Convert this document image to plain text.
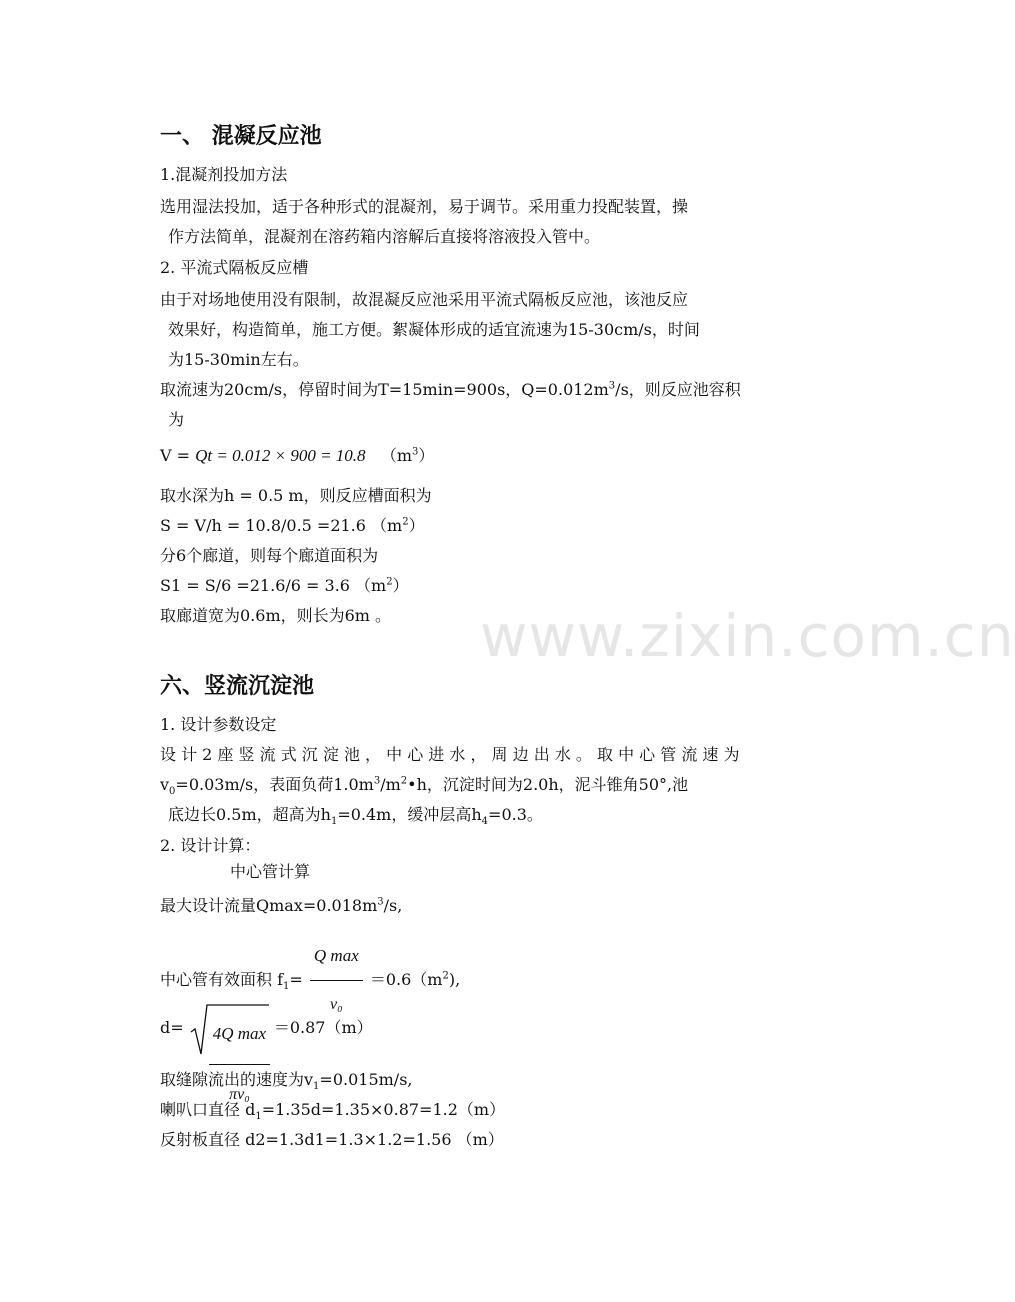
www.zixin.com.cn
一、 混凝反应池
1.混凝剂投加方法
选用湿法投加，适于各种形式的混凝剂，易于调节。采用重力投配装置，操
作方法简单，混凝剂在溶药箱内溶解后直接将溶液投入管中。
2. 平流式隔板反应槽
由于对场地使用没有限制，故混凝反应池采用平流式隔板反应池，该池反应
效果好，构造简单，施工方便。絮凝体形成的适宜流速为15-30cm/s，时间
为15-30min左右。
取流速为20cm/s，停留时间为T=15min=900s，$Q=0.012m^3/s$，则反应池容积
为
V = Qt = 0.012 × 900 = 10.8 $(m^3)$
取水深为h = 0.5 m，则反应槽面积为
S = V/h = 10.8/0.5 =21.6 $(m^2)$
分6个廊道，则每个廊道面积为
S1 = S/6 =21.6/6 = 3.6 $(m^2)$
取廊道宽为0.6m，则长为6m 。
六、竖流沉淀池
1. 设计参数设定
设 计 2 座 竖 流 式 沉 淀 池 ， 中 心 进 水 ， 周 边 出 水 。 取 中 心 管 流 速 为
$v_0=0.03m/s$，表面负荷$1.0m^3/m^2•h$，沉淀时间为2.0h，泥斗锥角50°,池
底边长0.5m，超高为$h_1=0.4m$，缓冲层高$h_4=0.3$。
2. 设计计算：
中心管计算
最大设计流量$Qmax=0.018m^3/s$,
中心管有效面积 $f_1= \frac{\text{Q max}}{\text{v₀}} =0.6(m^2)$,
d= 4Q max
πv₀
＝0.87（m）
取缝隙流出的速度为$v_1=0.015m/s$,
喇叭口直径 $d_1=1.35d=1.35\times 0.87=1.2(m)$
反射板直径 d2=1.3d1=1.3×1.2=1.56 （m）
